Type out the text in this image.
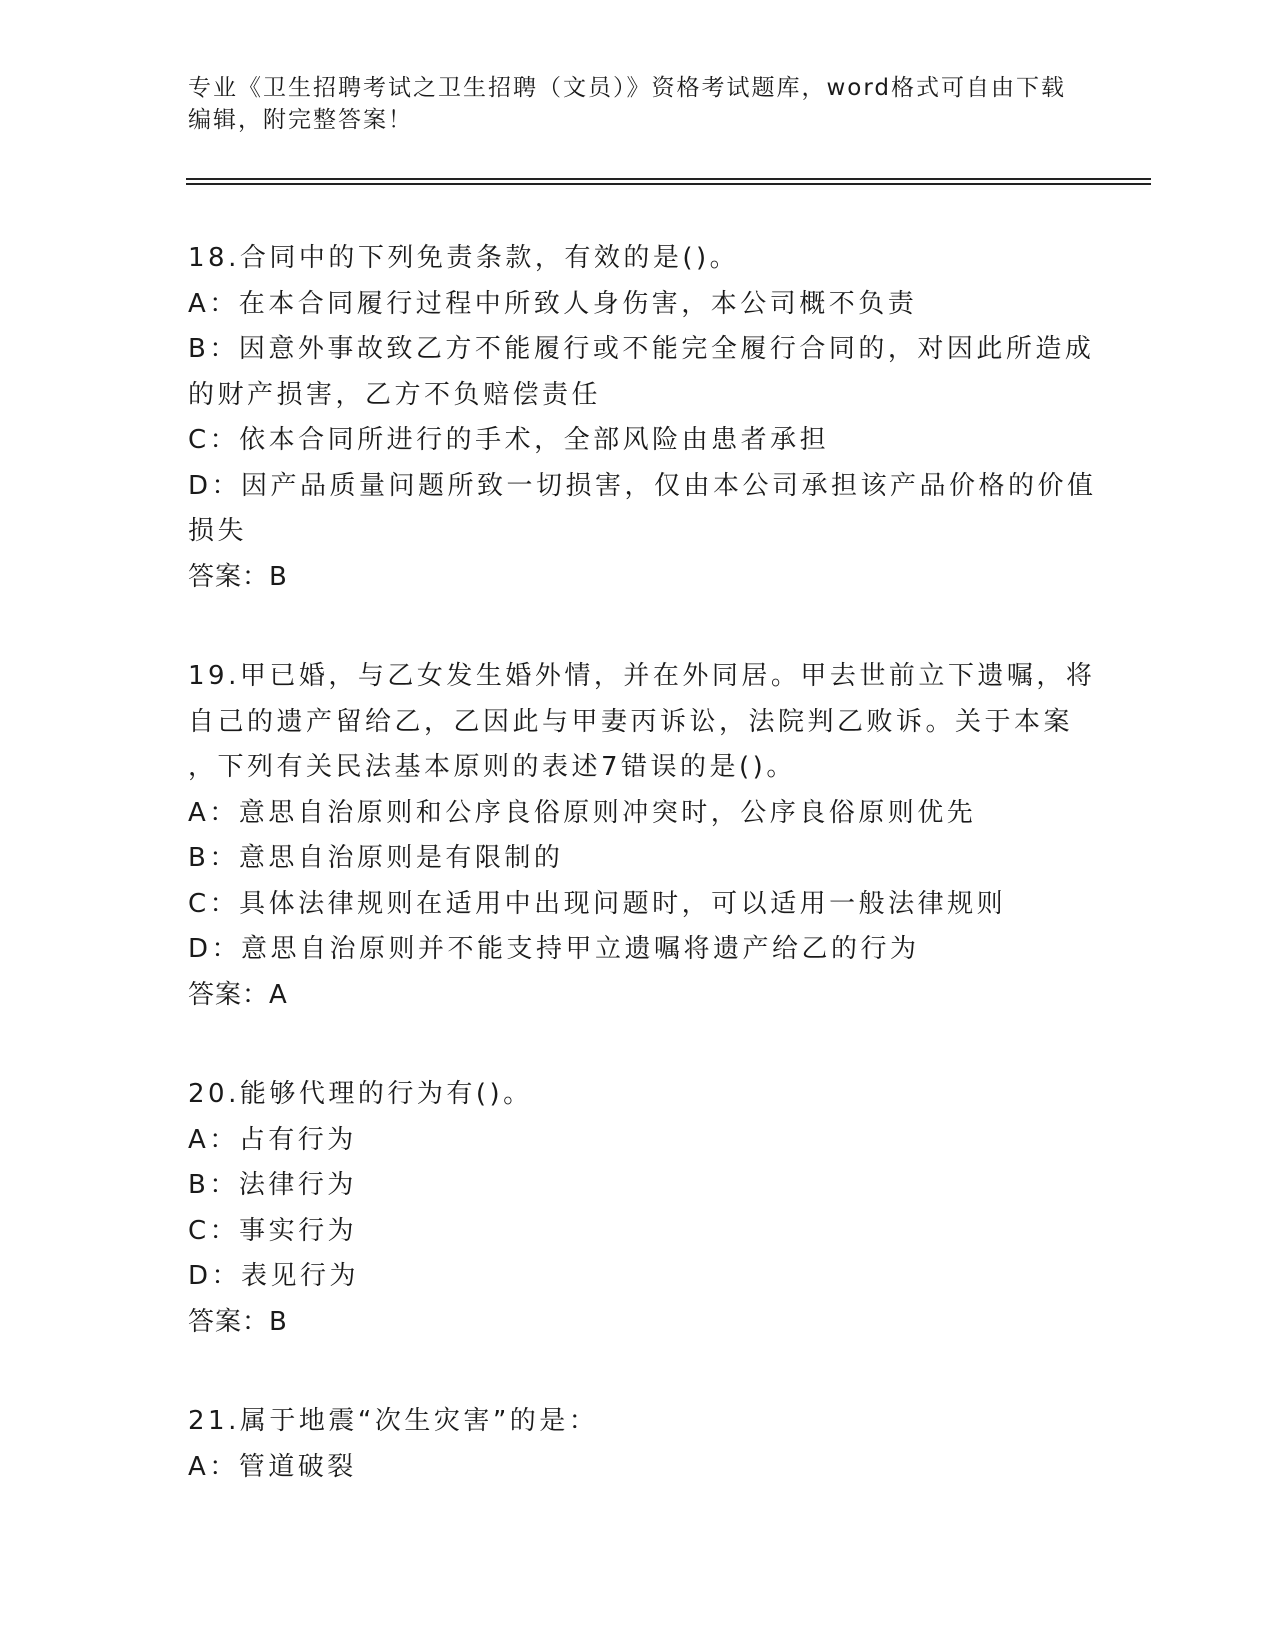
专业《卫生招聘考试之卫生招聘（文员）》资格考试题库，word格式可自由下载
编辑，附完整答案！
18.合同中的下列免责条款，有效的是()。
A：在本合同履行过程中所致人身伤害，本公司概不负责
B：因意外事故致乙方不能履行或不能完全履行合同的，对因此所造成
的财产损害，乙方不负赔偿责任
C：依本合同所进行的手术，全部风险由患者承担
D：因产品质量问题所致一切损害，仅由本公司承担该产品价格的价值
损失
答案：B
19.甲已婚，与乙女发生婚外情，并在外同居。甲去世前立下遗嘱，将
自己的遗产留给乙，乙因此与甲妻丙诉讼，法院判乙败诉。关于本案
，下列有关民法基本原则的表述7错误的是()。
A：意思自治原则和公序良俗原则冲突时，公序良俗原则优先
B：意思自治原则是有限制的
C：具体法律规则在适用中出现问题时，可以适用一般法律规则
D：意思自治原则并不能支持甲立遗嘱将遗产给乙的行为
答案：A
20.能够代理的行为有()。
A：占有行为
B：法律行为
C：事实行为
D：表见行为
答案：B
21.属于地震“次生灾害”的是：
A：管道破裂
